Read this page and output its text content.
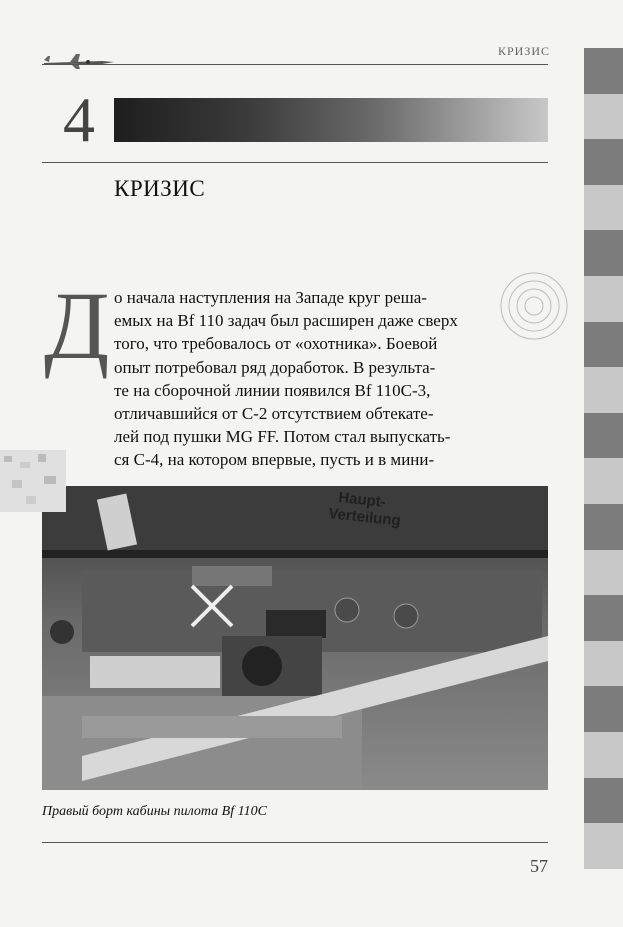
КРИЗИС
4
КРИЗИС
Д о начала наступления на Западе круг реша-
емых на Bf 110 задач был расширен даже сверх
того, что требовалось от «охотника». Боевой
опыт потребовал ряд доработок. В результа-
те на сборочной линии появился Bf 110C-3,
отличавшийся от С-2 отсутствием обтекате-
лей под пушки MG FF. Потом стал выпускать-
ся С-4, на котором впервые, пусть и в мини-

Haupt-
Verteilung

Правый борт кабины пилота Bf 110C

57
